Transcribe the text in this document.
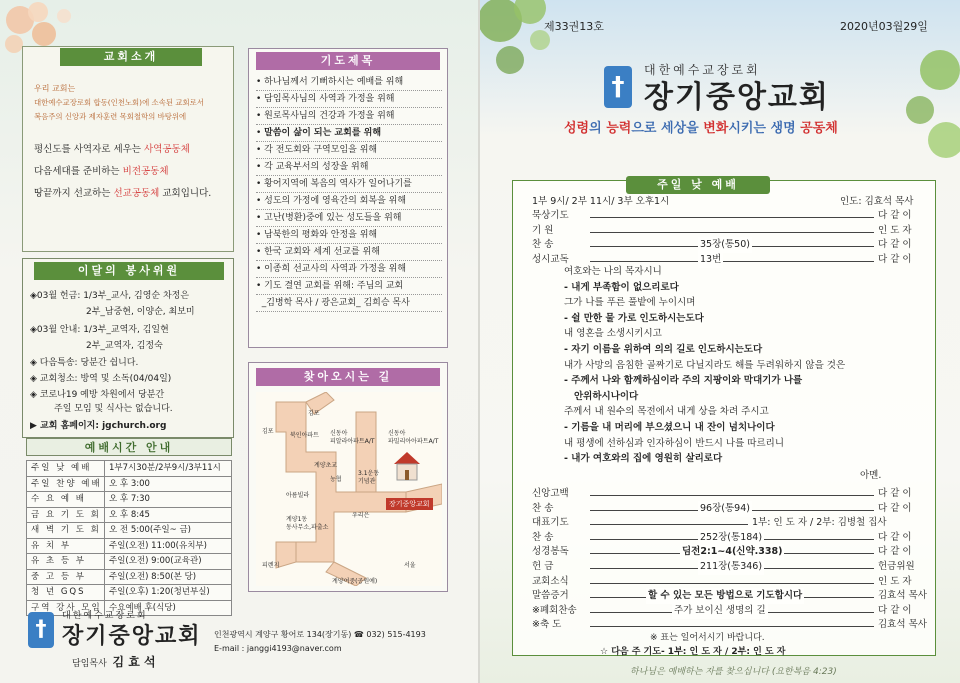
교회소개
우리 교회는
대한예수교장로회 합동(인천노회)에 소속된 교회로서
복음주의 신앙과 제자훈련 목회철학의 바탕위에
평신도를 사역자로 세우는 사역공동체
다음세대를 준비하는 비전공동체
땅끝까지 선교하는 선교공동체 교회입니다.
이달의 봉사위원
◈03월 헌금: 1/3부_교사, 김영순 차정은
2부_남중현, 이양순, 최보미
◈03월 안내: 1/3부_교역자, 김일현
2부_교역자, 김정숙
◈ 다음특송: 당분간 쉽니다.
◈ 교회청소: 방역 및 소독(04/04일)
◈ 코로나19 예방 차원에서 당분간
주일 모임 및 식사는 없습니다.
▶ 교회 홈페이지: jgchurch.org
예배시간 안내
주일 낮 예배	1부7시30분/2부9시/3부11시
주일 찬양 예배 오 후 3:00
수 요 예 배	오 후 7:30
금 요 기 도 회 오 후 8:45
새 벽 기 도 회 오 전 5:00(주일~ 금)
유 치 부	주일(오전) 11:00(유치부)
유 초 등 부	주일(오전) 9:00(교육관)
중 고 등 부	주일(오전) 8:50(본 당)
청 년 GQS	주일(오후) 1:20(청년부실)
구역 강사 모임 수요예배 후(식당)
기도제목
• 하나님께서 기뻐하시는 예배를 위해
• 담임목사님의 사역과 가정을 위해
• 원로목사님의 건강과 가정을 위해
• 말씀이 삶이 되는 교회를 위해
• 각 전도회와 구역모임을 위해
• 각 교육부서의 성장을 위해
• 황어지역에 복음의 역사가 일어나기를
• 성도의 가정에 영육간의 회복을 위해
• 고난(병환)중에 있는 성도들을 위해
• 남북한의 평화와 안정을 위해
• 한국 교회와 세계 선교를 위해
• 이종희 선교사의 사역과 가정을 위해
• 기도 결연 교회를 위해: 주님의 교회
_김병학 목사 / 광은교회_ 김희승 목사
찾아오시는 길
장기중앙교회
김포
김포
북인아파트 신동아
피알라아파트A/T
신동아
파밀리아아파트A/T
계양초교
3.1운동
기념관
농협
아름빌라
우리은
계양1동
동사무소,파출소
피렌지	서울
계양여중(공원예)
†
대한예수교장로회
장기중앙교회
담임목사 김 효 석
인천광역시 계양구 황어로 134(장기동) ☎ 032) 515-4193
E-mail : janggi4193@naver.com
제33권13호	2020년03월29일
†
대한예수교장로회
장기중앙교회
성령의 능력으로 세상을 변화시키는 생명 공동체
주일 낮 예배
1부 9시/ 2부 11시/ 3부 오후1시	인도: 김효석 목사
묵상기도	다 같 이
기 원	인 도 자
찬 송	35장(통50)	다 같 이
성시교독	13번	다 같 이
여호와는 나의 목자시니
- 내게 부족함이 없으리로다
그가 나를 푸른 풀밭에 누이시며
- 쉴 만한 물 가로 인도하시는도다
내 영혼을 소생시키시고
- 자기 이름을 위하여 의의 길로 인도하시는도다
내가 사망의 음침한 골짜기로 다닐지라도 해를 두려워하지 않을 것은
- 주께서 나와 함께하심이라 주의 지팡이와 막대기가 나를
안위하시나이다
주께서 내 원수의 목전에서 내게 상을 차려 주시고
- 기름을 내 머리에 부으셨으니 내 잔이 넘치나이다
내 평생에 선하심과 인자하심이 반드시 나를 따르리니
- 내가 여호와의 집에 영원히 살리로다
아멘.
신앙고백	다 같 이
찬 송	96장(통94)	다 같 이
대표기도	1부: 인 도 자 / 2부: 김병철 집사
찬 송	252장(통184)	다 같 이
성경봉독	딤전2:1~4(신약.338)	다 같 이
헌 금	211장(통346)	헌금위원
교회소식	인 도 자
말씀증거	할 수 있는 모든 방법으로 기도합시다	김효석 목사
※폐회찬송	주가 보이신 생명의 길	다 같 이
※축 도	김효석 목사
※ 표는 일어서시기 바랍니다.
☆ 다음 주 기도- 1부: 인 도 자 / 2부: 인 도 자
하나님은 예배하는 자를 찾으십니다 (요한복음 4:23)
